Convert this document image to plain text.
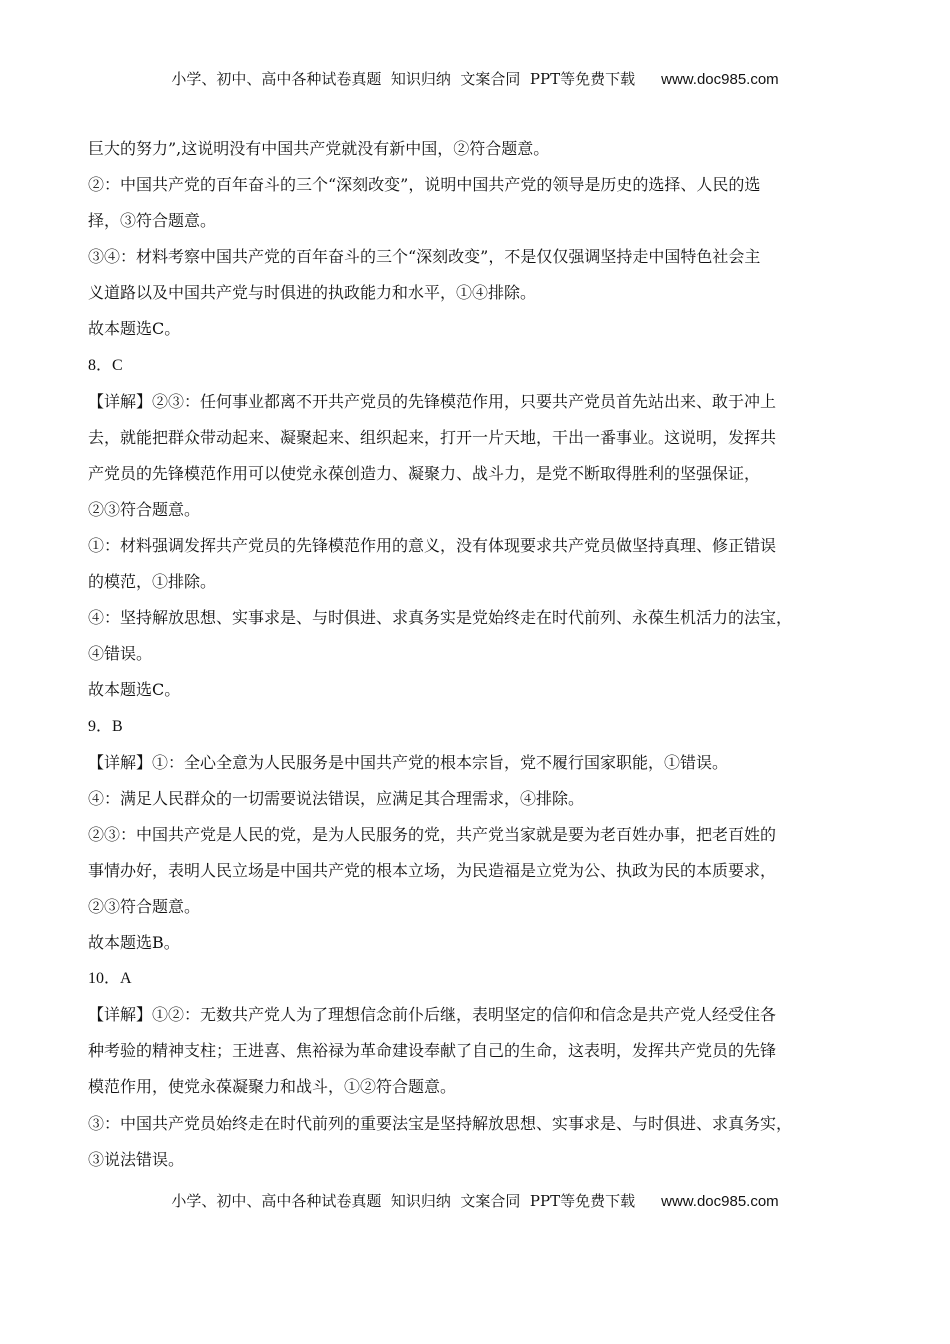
小学、初中、高中各种试卷真题  知识归纳  文案合同  PPT等免费下载 www.doc985.com
巨大的努力”,这说明没有中国共产党就没有新中国，②符合题意。
②：中国共产党的百年奋斗的三个“深刻改变”，说明中国共产党的领导是历史的选择、人民的选
择，③符合题意。
③④：材料考察中国共产党的百年奋斗的三个“深刻改变”，不是仅仅强调坚持走中国特色社会主
义道路以及中国共产党与时俱进的执政能力和水平，①④排除。
故本题选C。
8．C
【详解】②③：任何事业都离不开共产党员的先锋模范作用，只要共产党员首先站出来、敢于冲上
去，就能把群众带动起来、凝聚起来、组织起来，打开一片天地，干出一番事业。这说明，发挥共
产党员的先锋模范作用可以使党永葆创造力、凝聚力、战斗力，是党不断取得胜利的坚强保证，
②③符合题意。
①：材料强调发挥共产党员的先锋模范作用的意义，没有体现要求共产党员做坚持真理、修正错误
的模范，①排除。
④：坚持解放思想、实事求是、与时俱进、求真务实是党始终走在时代前列、永葆生机活力的法宝，
④错误。
故本题选C。
9．B
【详解】①：全心全意为人民服务是中国共产党的根本宗旨，党不履行国家职能，①错误。
④：满足人民群众的一切需要说法错误，应满足其合理需求，④排除。
②③：中国共产党是人民的党，是为人民服务的党，共产党当家就是要为老百姓办事，把老百姓的
事情办好，表明人民立场是中国共产党的根本立场，为民造福是立党为公、执政为民的本质要求，
②③符合题意。
故本题选B。
10．A
【详解】①②：无数共产党人为了理想信念前仆后继，表明坚定的信仰和信念是共产党人经受住各
种考验的精神支柱；王进喜、焦裕禄为革命建设奉献了自己的生命，这表明，发挥共产党员的先锋
模范作用，使党永葆凝聚力和战斗，①②符合题意。
③：中国共产党员始终走在时代前列的重要法宝是坚持解放思想、实事求是、与时俱进、求真务实，
③说法错误。
小学、初中、高中各种试卷真题  知识归纳  文案合同  PPT等免费下载 www.doc985.com
